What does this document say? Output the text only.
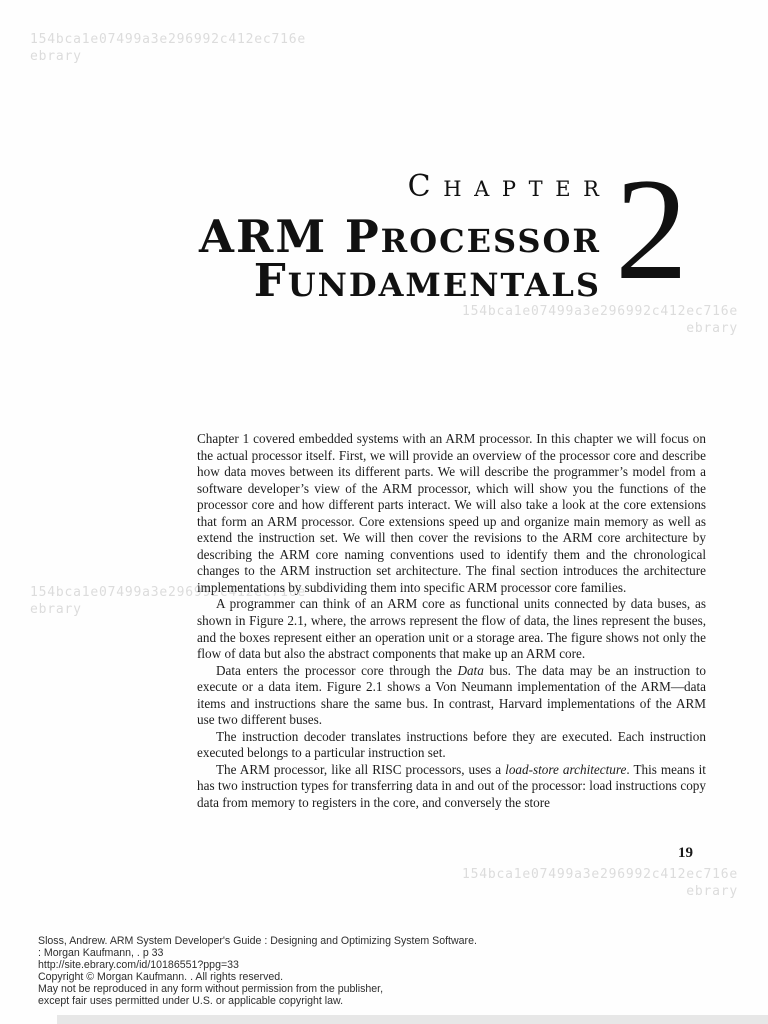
154bca1e07499a3e296992c412ec716e
ebrary
154bca1e07499a3e296992c412ec716e
ebrary
154bca1e07499a3e296992c412ec716e
ebrary
154bca1e07499a3e296992c412ec716e
ebrary
Chapter
ARM Processor
Fundamentals 2

Chapter 1 covered embedded systems with an ARM processor. In this chapter we will focus on the actual processor itself. First, we will provide an overview of the processor core and describe how data moves between its different parts. We will describe the programmer’s model from a software developer’s view of the ARM processor, which will show you the functions of the processor core and how different parts interact. We will also take a look at the core extensions that form an ARM processor. Core extensions speed up and organize main memory as well as extend the instruction set. We will then cover the revisions to the ARM core architecture by describing the ARM core naming conventions used to identify them and the chronological changes to the ARM instruction set architecture. The final section introduces the architecture implementations by subdividing them into specific ARM processor core families.

A programmer can think of an ARM core as functional units connected by data buses, as shown in Figure 2.1, where, the arrows represent the flow of data, the lines represent the buses, and the boxes represent either an operation unit or a storage area. The figure shows not only the flow of data but also the abstract components that make up an ARM core.

Data enters the processor core through the Data bus. The data may be an instruction to execute or a data item. Figure 2.1 shows a Von Neumann implementation of the ARM—data items and instructions share the same bus. In contrast, Harvard implementations of the ARM use two different buses.

The instruction decoder translates instructions before they are executed. Each instruction executed belongs to a particular instruction set.

The ARM processor, like all RISC processors, uses a load-store architecture. This means it has two instruction types for transferring data in and out of the processor: load instructions copy data from memory to registers in the core, and conversely the store

19
Sloss, Andrew. ARM System Developer's Guide : Designing and Optimizing System Software.
: Morgan Kaufmann, . p 33
http://site.ebrary.com/id/10186551?ppg=33
Copyright © Morgan Kaufmann. . All rights reserved.
May not be reproduced in any form without permission from the publisher,
except fair uses permitted under U.S. or applicable copyright law.
